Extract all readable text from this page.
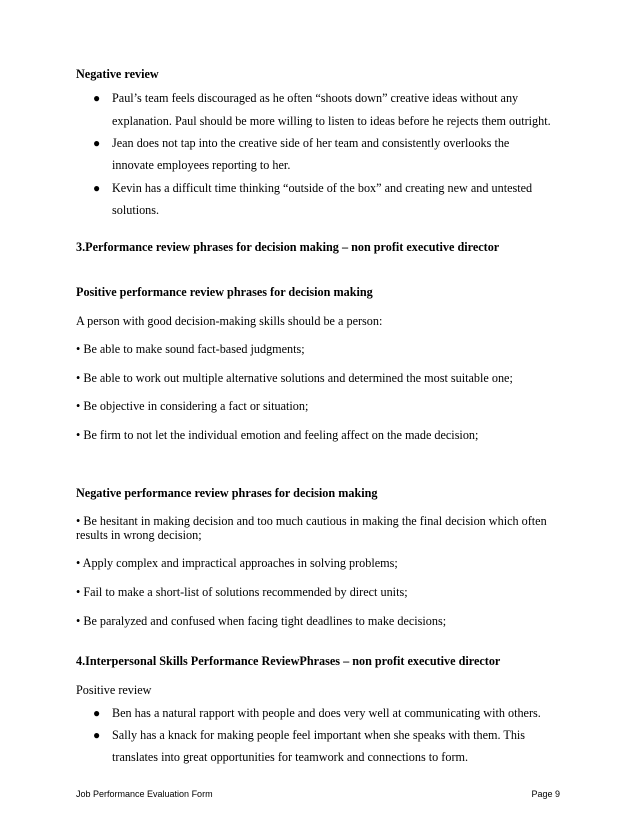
Negative review
● Paul’s team feels discouraged as he often “shoots down” creative ideas without any
explanation. Paul should be more willing to listen to ideas before he rejects them outright.
● Jean does not tap into the creative side of her team and consistently overlooks the
innovate employees reporting to her.
● Kevin has a difficult time thinking “outside of the box” and creating new and untested
solutions.
3.Performance review phrases for decision making – non profit executive director
Positive performance review phrases for decision making
A person with good decision-making skills should be a person:
• Be able to make sound fact-based judgments;
• Be able to work out multiple alternative solutions and determined the most suitable one;
• Be objective in considering a fact or situation;
• Be firm to not let the individual emotion and feeling affect on the made decision;
Negative performance review phrases for decision making
• Be hesitant in making decision and too much cautious in making the final decision which often
results in wrong decision;
• Apply complex and impractical approaches in solving problems;
• Fail to make a short-list of solutions recommended by direct units;
• Be paralyzed and confused when facing tight deadlines to make decisions;
4.Interpersonal Skills Performance ReviewPhrases – non profit executive director
Positive review
● Ben has a natural rapport with people and does very well at communicating with others.
● Sally has a knack for making people feel important when she speaks with them. This
translates into great opportunities for teamwork and connections to form.
Job Performance Evaluation Form	Page 9
